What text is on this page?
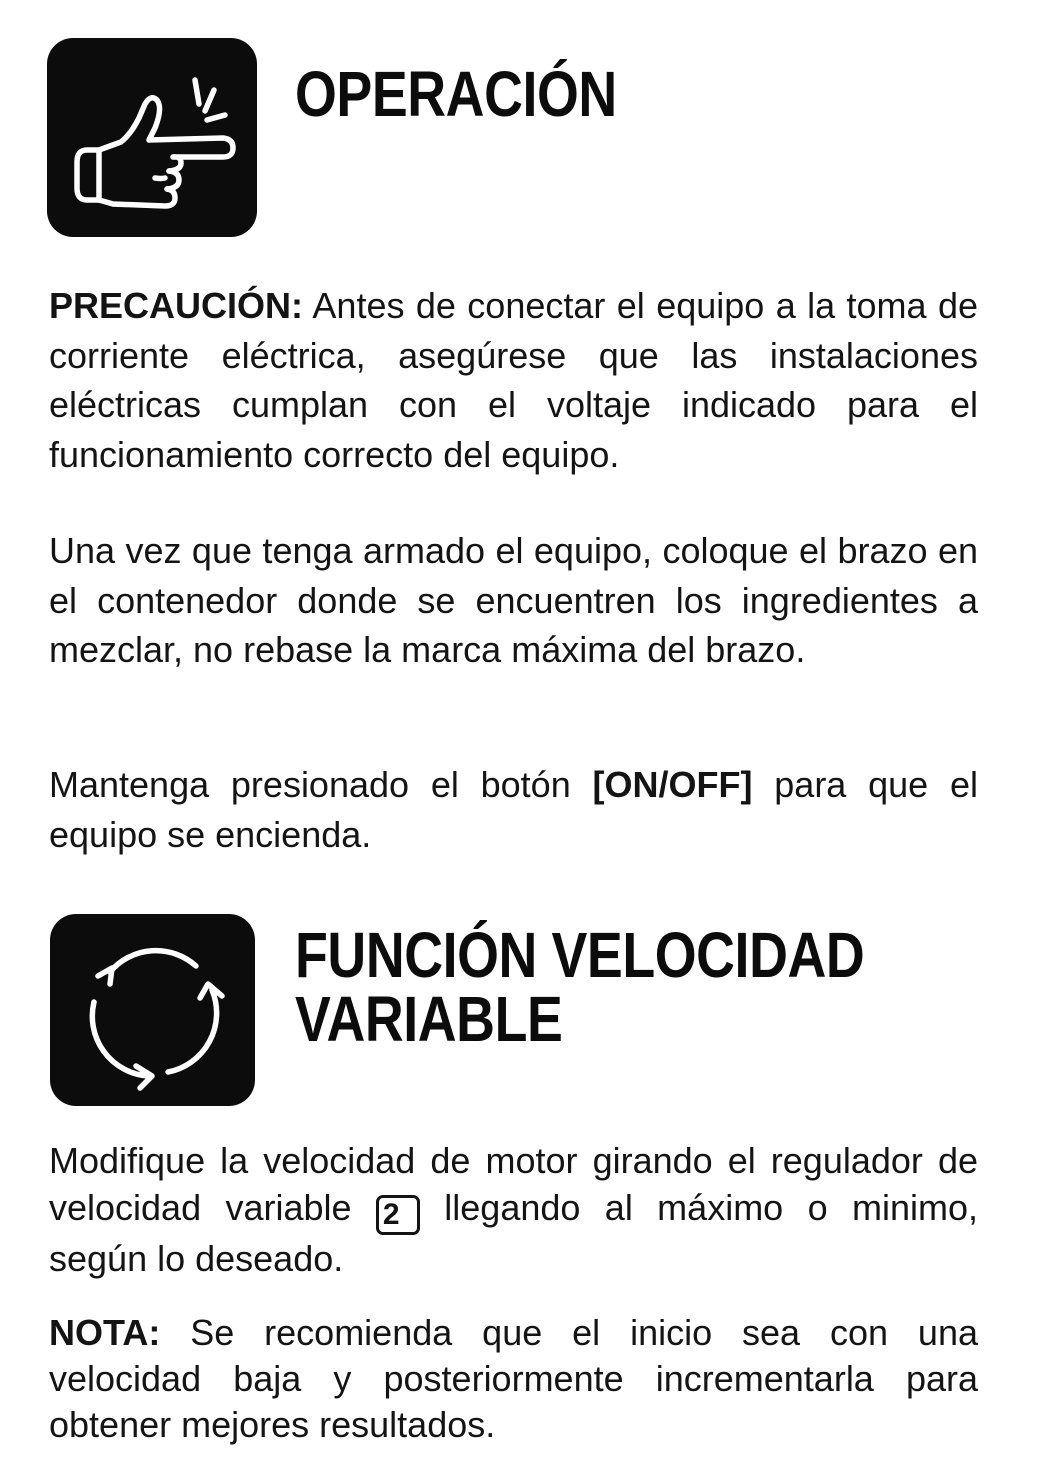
OPERACIÓN

PRECAUCIÓN: Antes de conectar el equipo a la toma de corriente eléctrica, asegúrese que las instalaciones eléctricas cumplan con el voltaje indicado para el funcionamiento correcto del equipo.

Una vez que tenga armado el equipo, coloque el brazo en el contenedor donde se encuentren los ingredientes a mezclar, no rebase la marca máxima del brazo.

Mantenga presionado el botón [ON/OFF] para que el equipo se encienda.

FUNCIÓN VELOCIDAD
VARIABLE

Modifique la velocidad de motor girando el regulador de velocidad variable 2 llegando al máximo o minimo, según lo deseado.

NOTA: Se recomienda que el inicio sea con una velocidad baja y posteriormente incrementarla para obtener mejores resultados.
